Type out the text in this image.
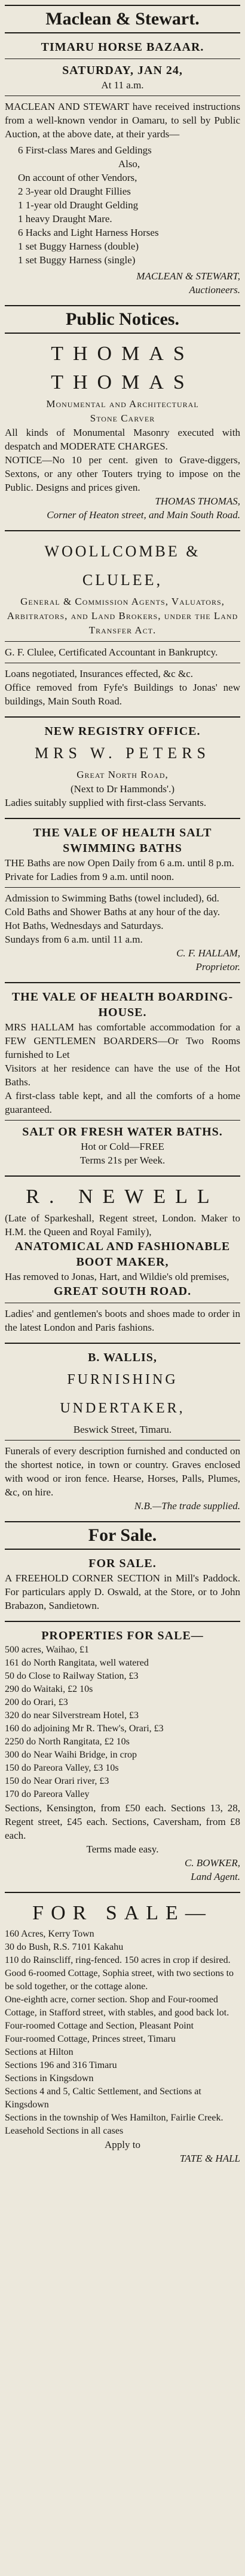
Maclean & Stewart.
TIMARU HORSE BAZAAR.
SATURDAY, JAN 24,
At 11 a.m.
MACLEAN AND STEWART have received instructions from a well-known vendor in Oamaru, to sell by Public Auction, at the above date, at their yards—
6 First-class Mares and Geldings
Also,
On account of other Vendors,
2 3-year old Draught Fillies
1 1-year old Draught Gelding
1 heavy Draught Mare.
6 Hacks and Light Harness Horses
1 set Buggy Harness (double)
1 set Buggy Harness (single)
MACLEAN & STEWART,
Auctioneers.
Public Notices.
THOMAS THOMAS
Monumental and Architectural
Stone Carver
All kinds of Monumental Masonry executed with despatch and MODERATE CHARGES.
NOTICE—No 10 per cent. given to Grave-diggers, Sextons, or any other Touters trying to impose on the Public. Designs and prices given.
THOMAS THOMAS,
Corner of Heaton street, and Main South Road.
WOOLLCOMBE & CLULEE,
General & Commission Agents, Valuators, Arbitrators, and Land Brokers, under the Land Transfer Act.
G. F. Clulee, Certificated Accountant in Bankruptcy.
Loans negotiated, Insurances effected, &c &c.
Office removed from Fyfe's Buildings to Jonas' new buildings, Main South Road.
NEW REGISTRY OFFICE.
MRS W. PETERS
Great North Road,
(Next to Dr Hammonds'.)
Ladies suitably supplied with first-class Servants.
THE VALE OF HEALTH SALT SWIMMING BATHS
THE Baths are now Open Daily from 6 a.m. until 8 p.m.
Private for Ladies from 9 a.m. until noon.
Admission to Swimming Baths (towel included), 6d.
Cold Baths and Shower Baths at any hour of the day.
Hot Baths, Wednesdays and Saturdays.
Sundays from 6 a.m. until 11 a.m.
C. F. HALLAM,
Proprietor.
THE VALE OF HEALTH BOARDING-HOUSE.
MRS HALLAM has comfortable accommodation for a FEW GENTLEMEN BOARDERS—Or Two Rooms furnished to Let
Visitors at her residence can have the use of the Hot Baths.
A first-class table kept, and all the comforts of a home guaranteed.
SALT OR FRESH WATER BATHS.
Hot or Cold—FREE
Terms 21s per Week.
R. NEWELL
(Late of Sparkeshall, Regent street, London. Maker to H.M. the Queen and Royal Family),
ANATOMICAL AND FASHIONABLE BOOT MAKER,
Has removed to Jonas, Hart, and Wildie's old premises,
GREAT SOUTH ROAD.
Ladies' and gentlemen's boots and shoes made to order in the latest London and Paris fashions.
B. WALLIS,
FURNISHING UNDERTAKER,
Beswick Street, Timaru.
Funerals of every description furnished and conducted on the shortest notice, in town or country. Graves enclosed with wood or iron fence. Hearse, Horses, Palls, Plumes, &c, on hire.
N.B.—The trade supplied.
For Sale.
FOR SALE.
A FREEHOLD CORNER SECTION in Mill's Paddock. For particulars apply D. Oswald, at the Store, or to John Brabazon, Sandietown.
PROPERTIES FOR SALE—
500 acres, Waihao, £1
161 do North Rangitata, well watered
50 do Close to Railway Station, £3
290 do Waitaki, £2 10s
200 do Orari, £3
320 do near Silverstream Hotel, £3
160 do adjoining Mr R. Thew's, Orari, £3
2250 do North Rangitata, £2 10s
300 do Near Waihi Bridge, in crop
150 do Pareora Valley, £3 10s
150 do Near Orari river, £3
170 do Pareora Valley
Sections, Kensington, from £50 each. Sections 13, 28, Regent street, £45 each. Sections, Caversham, from £8 each.
Terms made easy.
C. BOWKER,
Land Agent.
FOR SALE—
160 Acres, Kerry Town
30 do Bush, R.S. 7101 Kakahu
110 do Rainscliff, ring-fenced. 150 acres in crop if desired.
Good 6-roomed Cottage, Sophia street, with two sections to be sold together, or the cottage alone.
One-eighth acre, corner section. Shop and Four-roomed Cottage, in Stafford street, with stables, and good back lot.
Four-roomed Cottage and Section, Pleasant Point
Four-roomed Cottage, Princes street, Timaru
Sections at Hilton
Sections 196 and 316 Timaru
Sections in Kingsdown
Sections 4 and 5, Caltic Settlement, and Sections at Kingsdown
Sections in the township of Wes Hamilton, Fairlie Creek.
Leasehold Sections in all cases
Apply to
TATE & HALL
